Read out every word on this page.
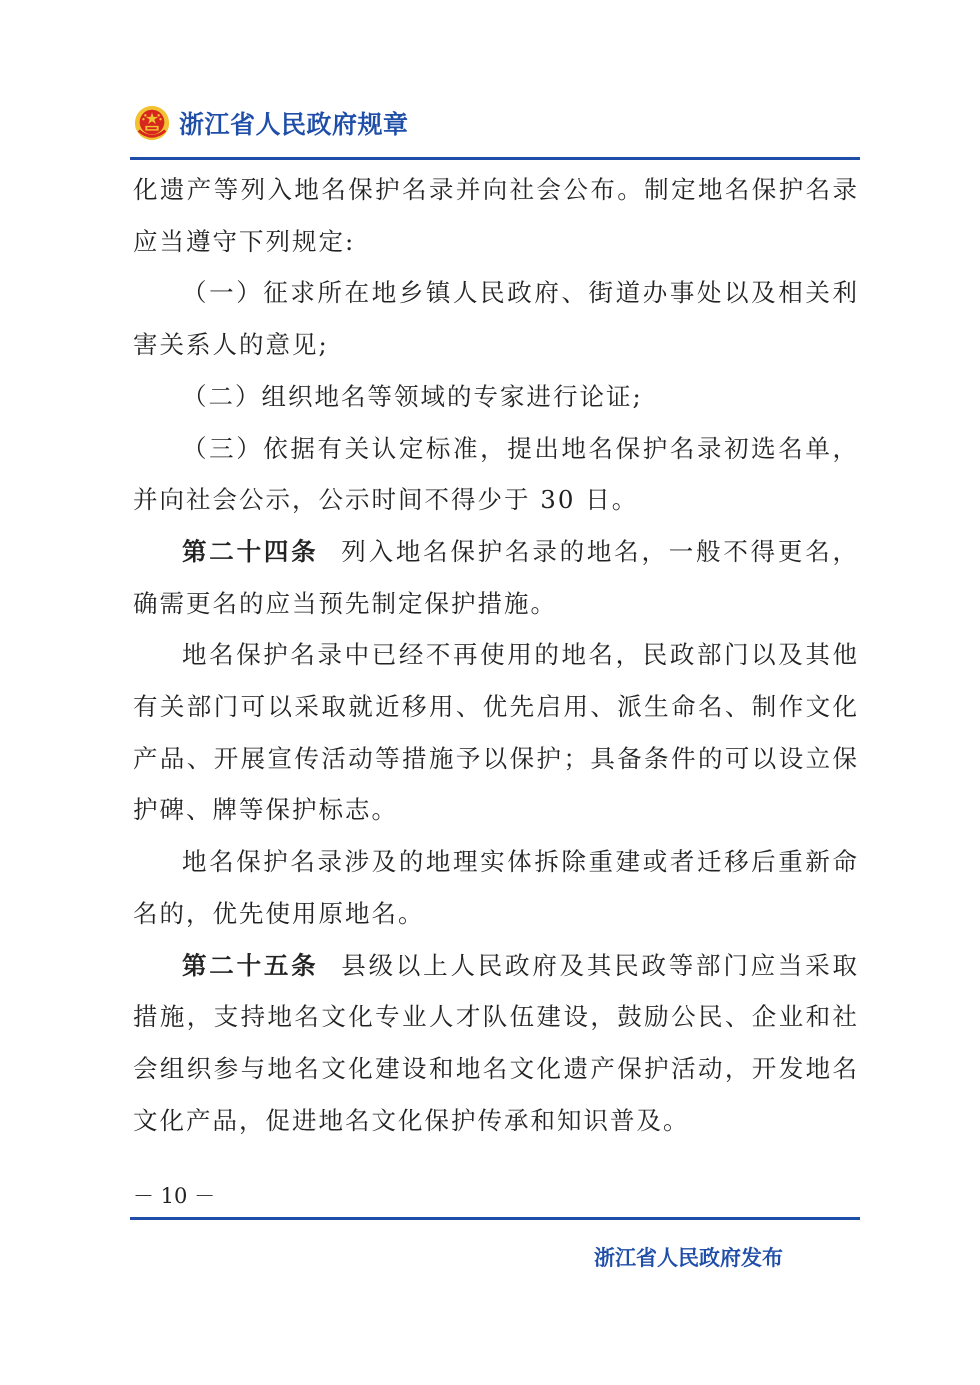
浙江省人民政府规章

化遗产等列入地名保护名录并向社会公布。制定地名保护名录应当遵守下列规定:

（一）征求所在地乡镇人民政府、街道办事处以及相关利害关系人的意见;

（二）组织地名等领域的专家进行论证;

（三）依据有关认定标准，提出地名保护名录初选名单，并向社会公示，公示时间不得少于 30 日。

第二十四条 列入地名保护名录的地名，一般不得更名，确需更名的应当预先制定保护措施。

地名保护名录中已经不再使用的地名，民政部门以及其他有关部门可以采取就近移用、优先启用、派生命名、制作文化产品、开展宣传活动等措施予以保护；具备条件的可以设立保护碑、牌等保护标志。

地名保护名录涉及的地理实体拆除重建或者迁移后重新命名的，优先使用原地名。

第二十五条 县级以上人民政府及其民政等部门应当采取措施，支持地名文化专业人才队伍建设，鼓励公民、企业和社会组织参与地名文化建设和地名文化遗产保护活动，开发地名文化产品，促进地名文化保护传承和知识普及。

－ 10 －
浙江省人民政府发布
